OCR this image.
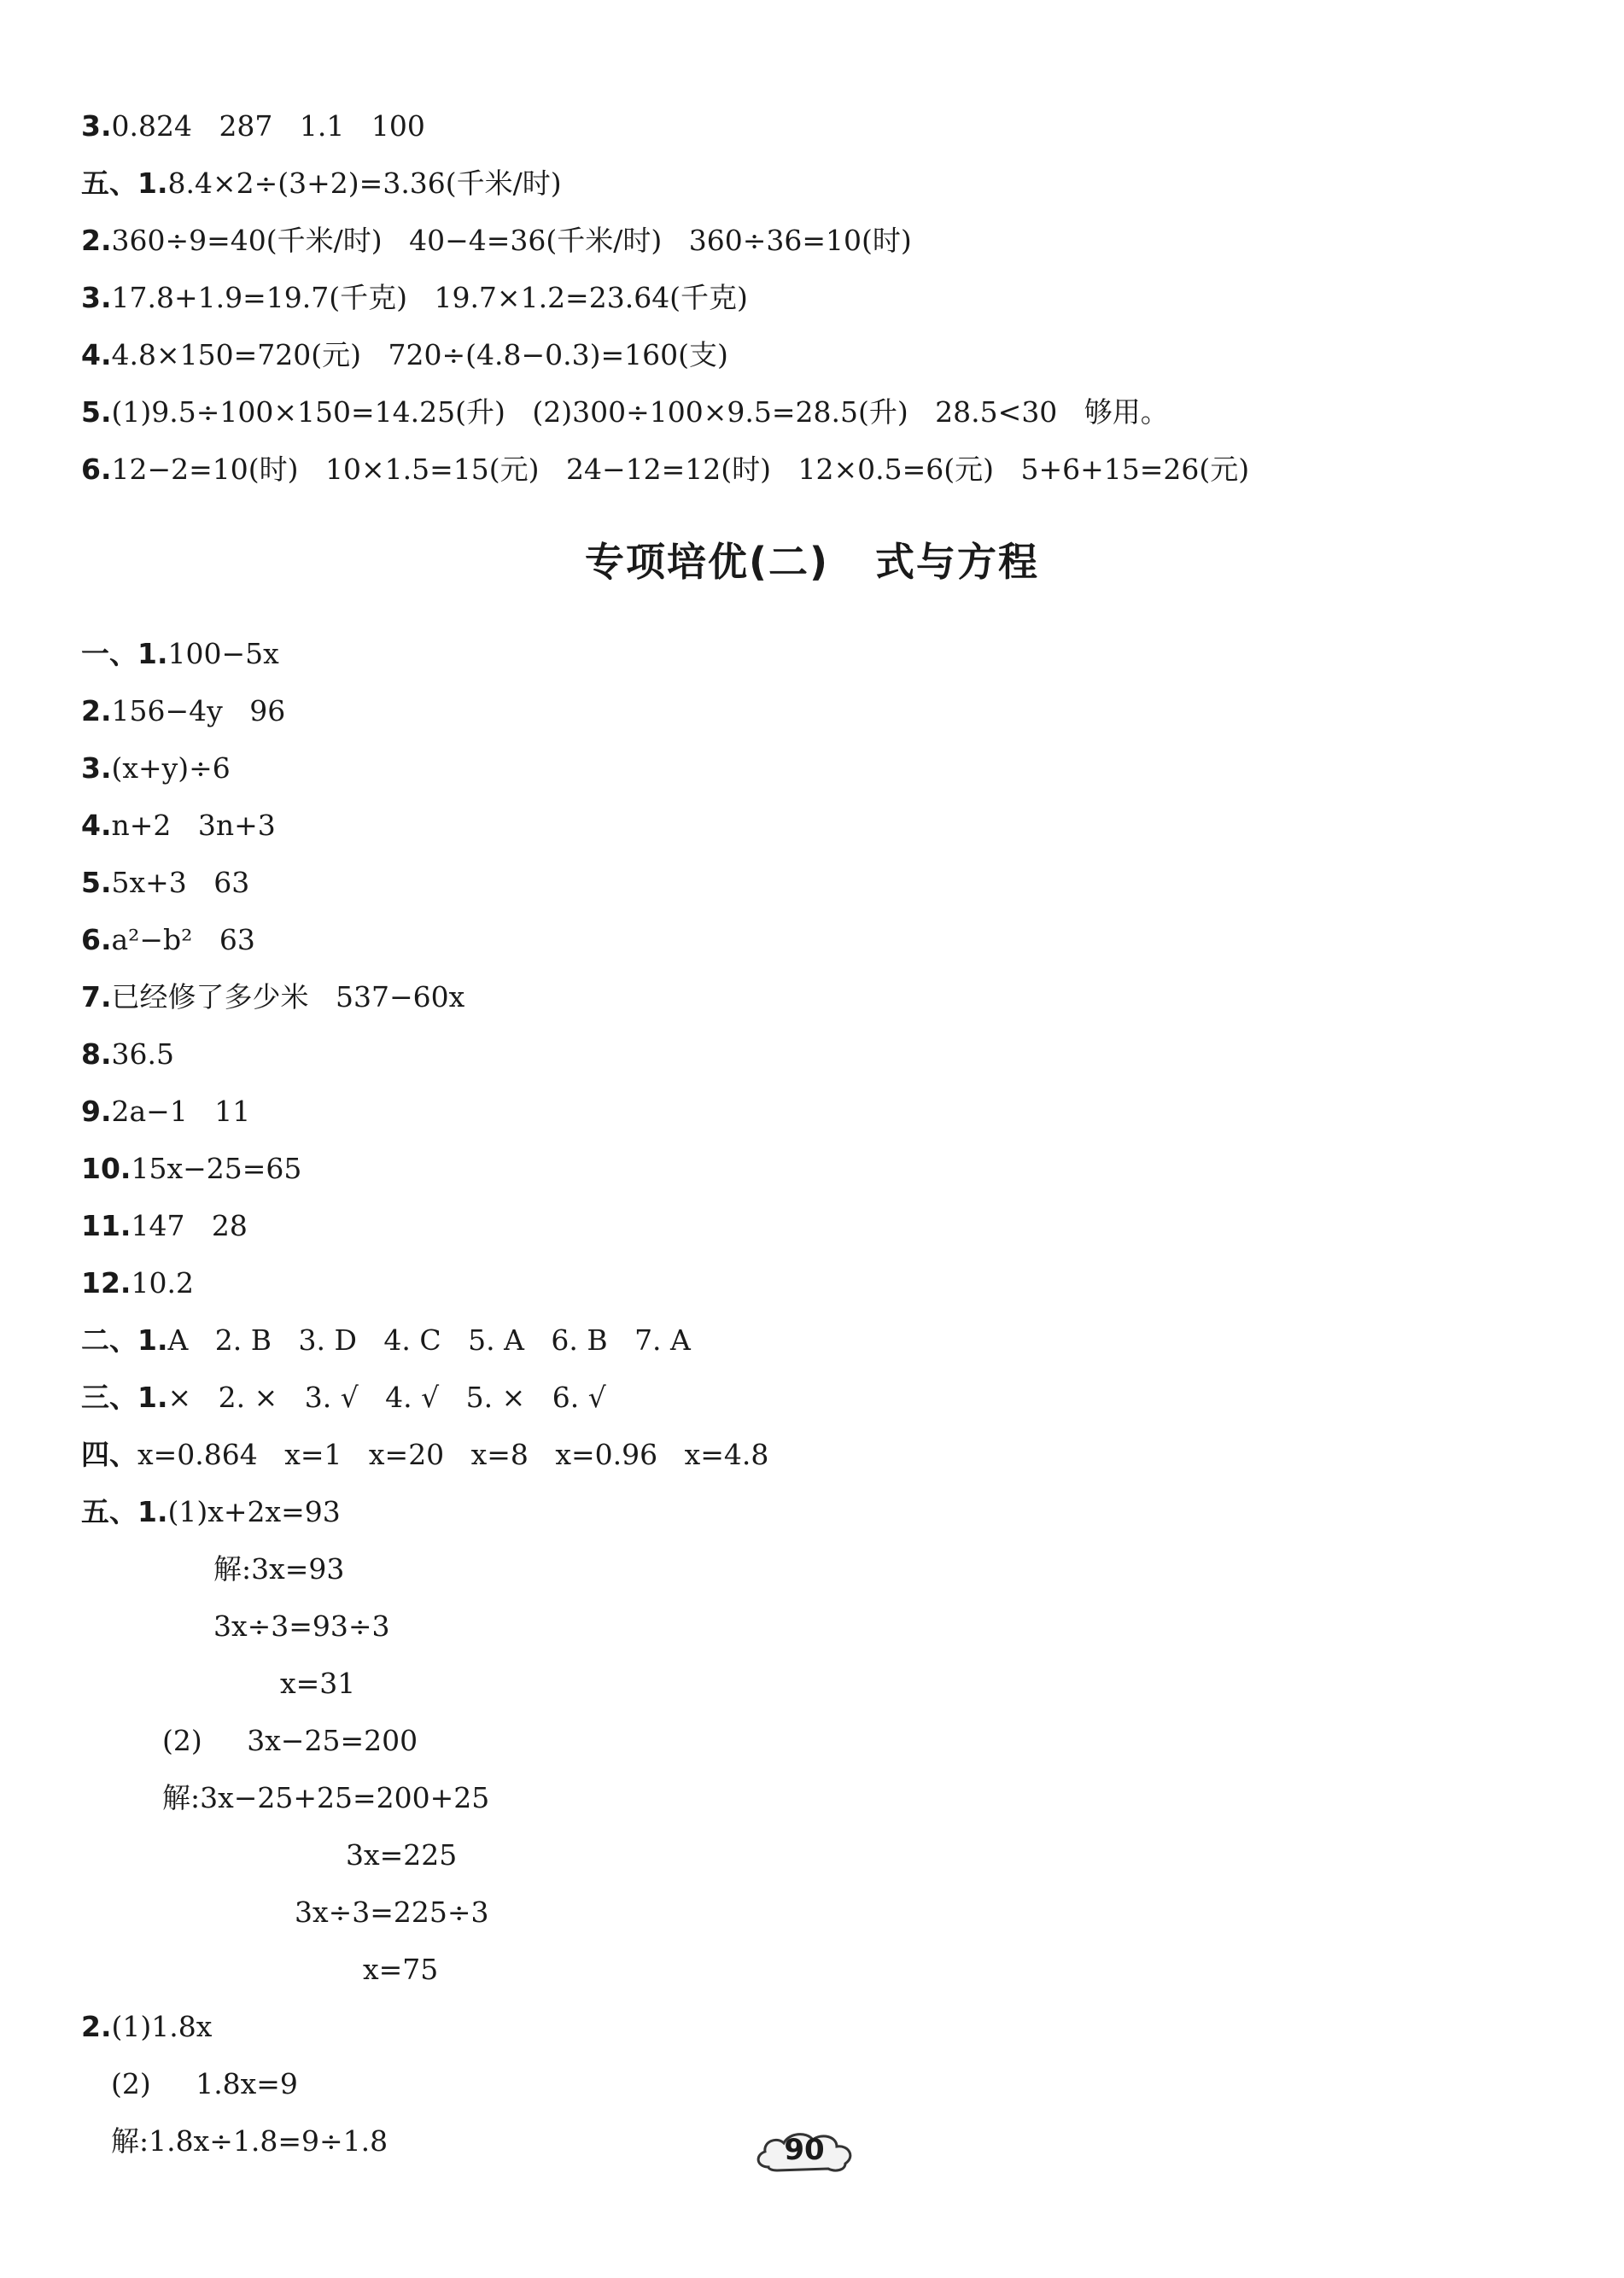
3.0.824   287   1.1   100
五、1.8.4×2÷(3+2)=3.36(千米/时)
2.360÷9=40(千米/时)   40−4=36(千米/时)   360÷36=10(时)
3.17.8+1.9=19.7(千克)   19.7×1.2=23.64(千克)
4.4.8×150=720(元)   720÷(4.8−0.3)=160(支)
5.(1)9.5÷100×150=14.25(升)   (2)300÷100×9.5=28.5(升)   28.5<30   够用。
6.12−2=10(时)   10×1.5=15(元)   24−12=12(时)   12×0.5=6(元)   5+6+15=26(元)
专项培优(二)   式与方程
一、1.100−5x
2.156−4y   96
3.(x+y)÷6
4.n+2   3n+3
5.5x+3   63
6.a²−b²   63
7.已经修了多少米   537−60x
8.36.5
9.2a−1   11
10.15x−25=65
11.147   28
12.10.2
二、1.A   2. B   3. D   4. C   5. A   6. B   7. A
三、1.×   2. ×   3. √   4. √   5. ×   6. √
四、x=0.864   x=1   x=20   x=8   x=0.96   x=4.8
五、1.(1)x+2x=93
解:3x=93
3x÷3=93÷3
x=31
(2)     3x−25=200
解:3x−25+25=200+25
3x=225
3x÷3=225÷3
x=75
2.(1)1.8x
(2)     1.8x=9
解:1.8x÷1.8=9÷1.8	90
